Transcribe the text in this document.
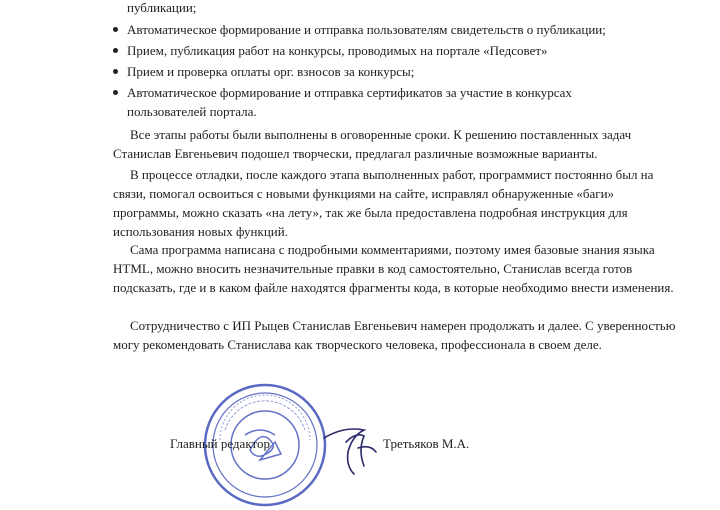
публикации;
Автоматическое формирование и отправка пользователям свидетельств о публикации;
Прием, публикация работ на конкурсы, проводимых на портале «Педсовет»
Прием и проверка оплаты орг. взносов за конкурсы;
Автоматическое формирование и отправка сертификатов за участие в конкурсах пользователей портала.
Все этапы работы были выполнены в оговоренные сроки. К решению поставленных задач Станислав Евгеньевич подошел творчески, предлагал различные возможные варианты.
В процессе отладки, после каждого этапа выполненных работ, программист постоянно был на связи, помогал освоиться с новыми функциями на сайте, исправлял обнаруженные «баги» программы, можно сказать «на лету», так же была предоставлена подробная инструкция для использования новых функций.
Сама программа написана с подробными комментариями, поэтому имея базовые знания языка HTML, можно вносить незначительные правки в код самостоятельно, Станислав всегда готов подсказать, где и в каком файле находятся фрагменты кода, в которые необходимо внести изменения.
Сотрудничество с ИП Рыцев Станислав Евгеньевич намерен продолжать и далее. С уверенностью могу рекомендовать Станислава как творческого человека, профессионала в своем деле.
Главный редактор	Третьяков М.А.
